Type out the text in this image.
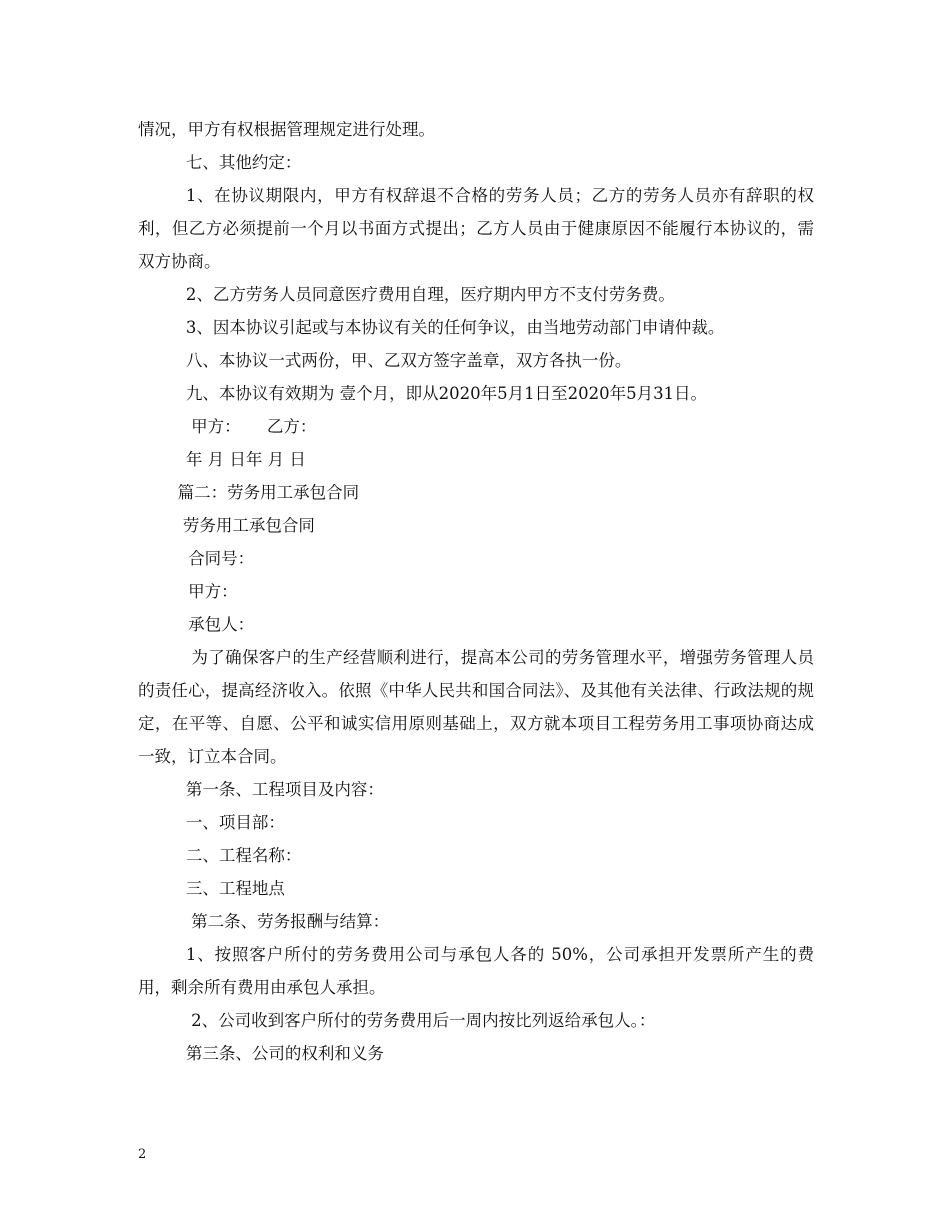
情况，甲方有权根据管理规定进行处理。

七、其他约定：

1、在协议期限内，甲方有权辞退不合格的劳务人员；乙方的劳务人员亦有辞职的权利，但乙方必须提前一个月以书面方式提出；乙方人员由于健康原因不能履行本协议的，需双方协商。

2、乙方劳务人员同意医疗费用自理，医疗期内甲方不支付劳务费。

3、因本协议引起或与本协议有关的任何争议，由当地劳动部门申请仲裁。

八、本协议一式两份，甲、乙双方签字盖章，双方各执一份。

九、本协议有效期为 壹个月，即从2020年5月1日至2020年5月31日。

甲方：     乙方：

年 月 日年 月 日

篇二：劳务用工承包合同

劳务用工承包合同

合同号：

甲方：

承包人：

为了确保客户的生产经营顺利进行，提高本公司的劳务管理水平，增强劳务管理人员的责任心，提高经济收入。依照《中华人民共和国合同法》、及其他有关法律、行政法规的规定，在平等、自愿、公平和诚实信用原则基础上，双方就本项目工程劳务用工事项协商达成一致，订立本合同。

第一条、工程项目及内容：

一、项目部：

二、工程名称：

三、工程地点

第二条、劳务报酬与结算：

1、按照客户所付的劳务费用公司与承包人各的 50%，公司承担开发票所产生的费用，剩余所有费用由承包人承担。

2、公司收到客户所付的劳务费用后一周内按比列返给承包人。：

第三条、公司的权利和义务

2
